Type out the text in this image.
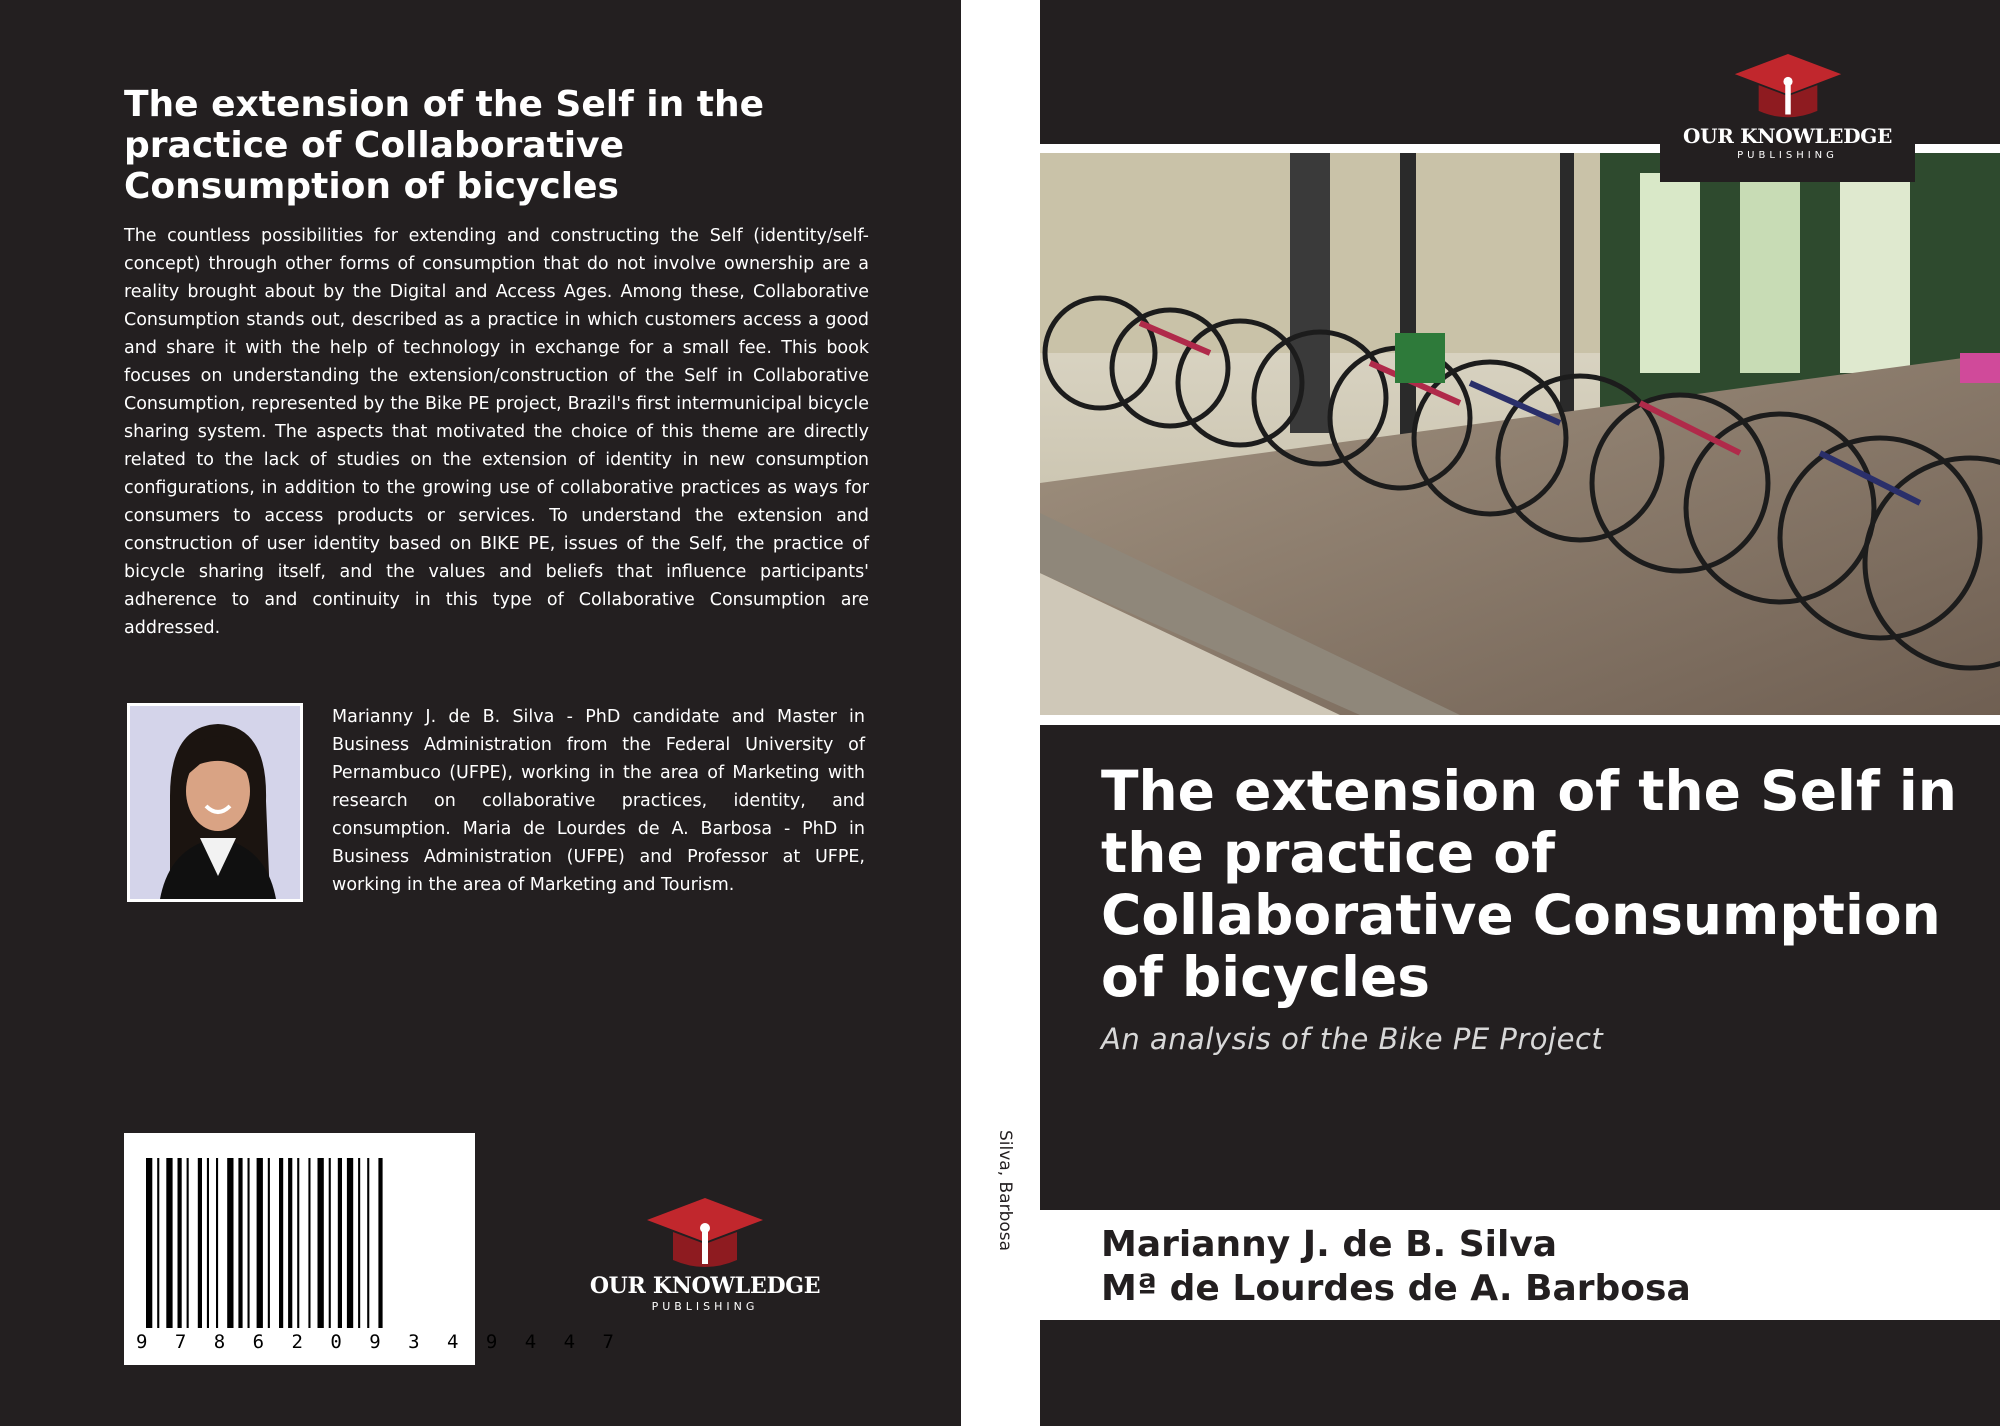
The extension of the Self in the practice of Collaborative Consumption of bicycles

The countless possibilities for extending and constructing the Self (identity/self-concept) through other forms of consumption that do not involve ownership are a reality brought about by the Digital and Access Ages. Among these, Collaborative Consumption stands out, described as a practice in which customers access a good and share it with the help of technology in exchange for a small fee. This book focuses on understanding the extension/construction of the Self in Collaborative Consumption, represented by the Bike PE project, Brazil's first intermunicipal bicycle sharing system. The aspects that motivated the choice of this theme are directly related to the lack of studies on the extension of identity in new consumption configurations, in addition to the growing use of collaborative practices as ways for consumers to access products or services. To understand the extension and construction of user identity based on BIKE PE, issues of the Self, the practice of bicycle sharing itself, and the values and beliefs that influence participants' adherence to and continuity in this type of Collaborative Consumption are addressed.

Marianny J. de B. Silva - PhD candidate and Master in Business Administration from the Federal University of Pernambuco (UFPE), working in the area of Marketing with research on collaborative practices, identity, and consumption. Maria de Lourdes de A. Barbosa - PhD in Business Administration (UFPE) and Professor at UFPE, working in the area of Marketing and Tourism.

9 7 8 6 2 0 9 3 4 9 4 4 7
OUR KNOWLEDGE
PUBLISHING
Silva, Barbosa
OUR KNOWLEDGE
PUBLISHING
The extension of the Self in the practice of Collaborative Consumption of bicycles

An analysis of the Bike PE Project

Marianny J. de B. Silva

Mª de Lourdes de A. Barbosa
